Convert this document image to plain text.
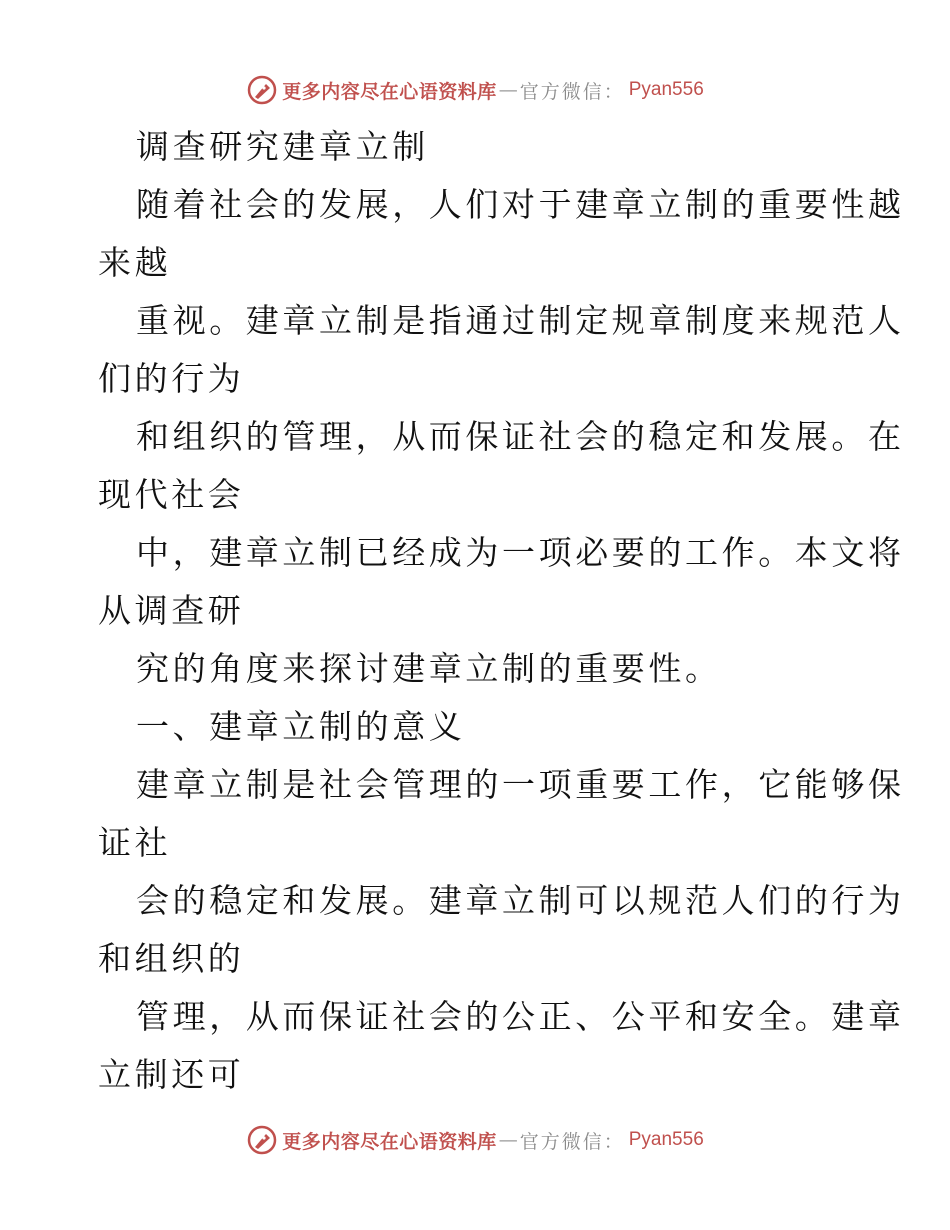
更多内容尽在心语资料库 — 官方微信： Pyan556
调查研究建章立制
随着社会的发展，人们对于建章立制的重要性越
来越
重视。建章立制是指通过制定规章制度来规范人
们的行为
和组织的管理，从而保证社会的稳定和发展。在
现代社会
中，建章立制已经成为一项必要的工作。本文将
从调查研
究的角度来探讨建章立制的重要性。
一、建章立制的意义
建章立制是社会管理的一项重要工作，它能够保
证社
会的稳定和发展。建章立制可以规范人们的行为
和组织的
管理，从而保证社会的公正、公平和安全。建章
立制还可
更多内容尽在心语资料库 — 官方微信： Pyan556
